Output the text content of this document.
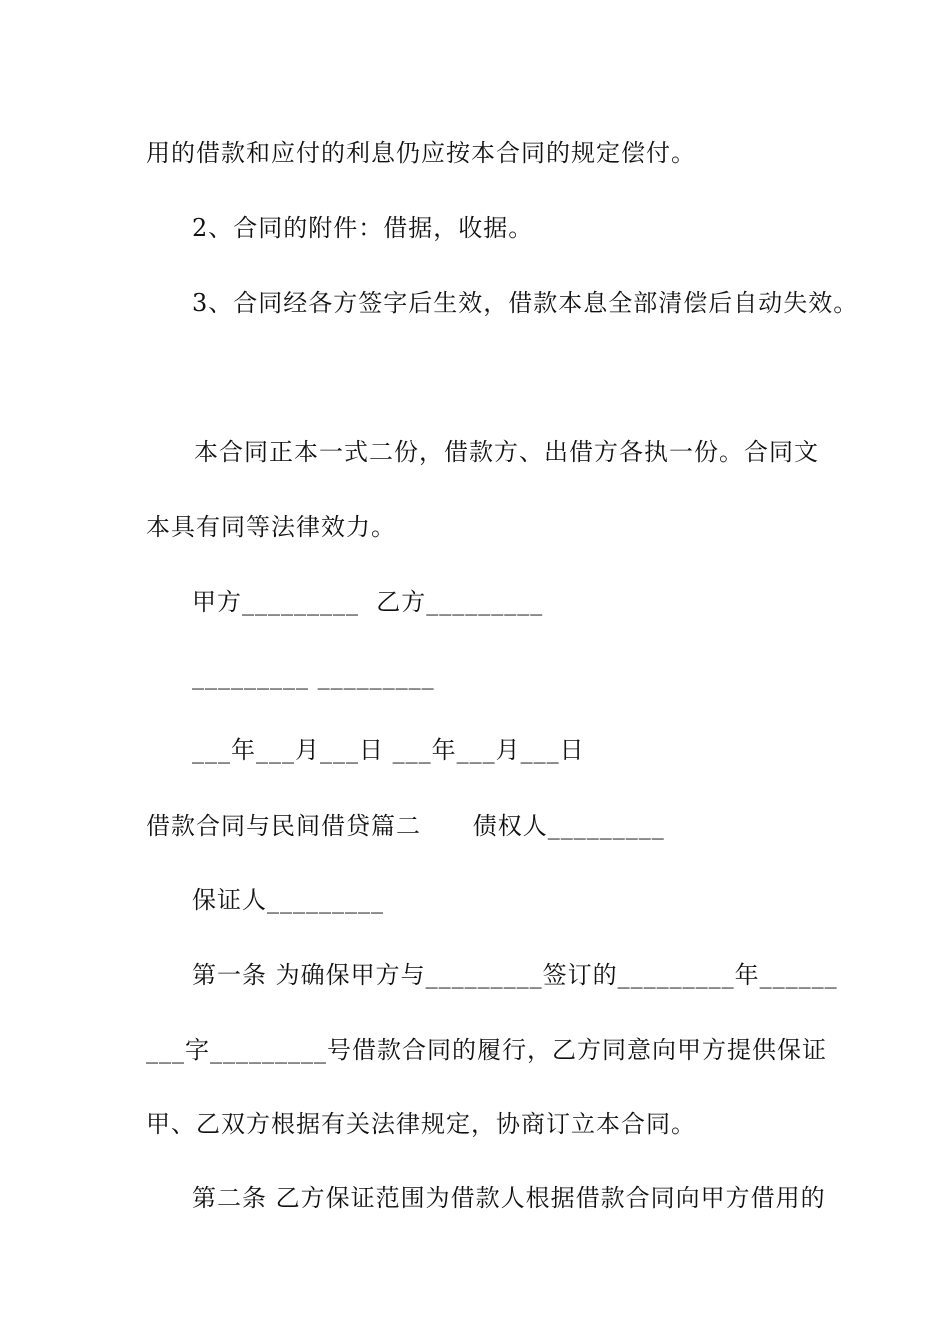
用的借款和应付的利息仍应按本合同的规定偿付。
2、合同的附件：借据，收据。
3、合同经各方签字后生效，借款本息全部清偿后自动失效。
本合同正本一式二份，借款方、出借方各执一份。合同文
本具有同等法律效力。
甲方_________  乙方_________
_________ _________
___年___月___日 ___年___月___日
借款合同与民间借贷篇二      债权人_________
保证人_________
第一条 为确保甲方与_________签订的_________年______
___字_________号借款合同的履行，乙方同意向甲方提供保证
甲、乙双方根据有关法律规定，协商订立本合同。
第二条 乙方保证范围为借款人根据借款合同向甲方借用的
